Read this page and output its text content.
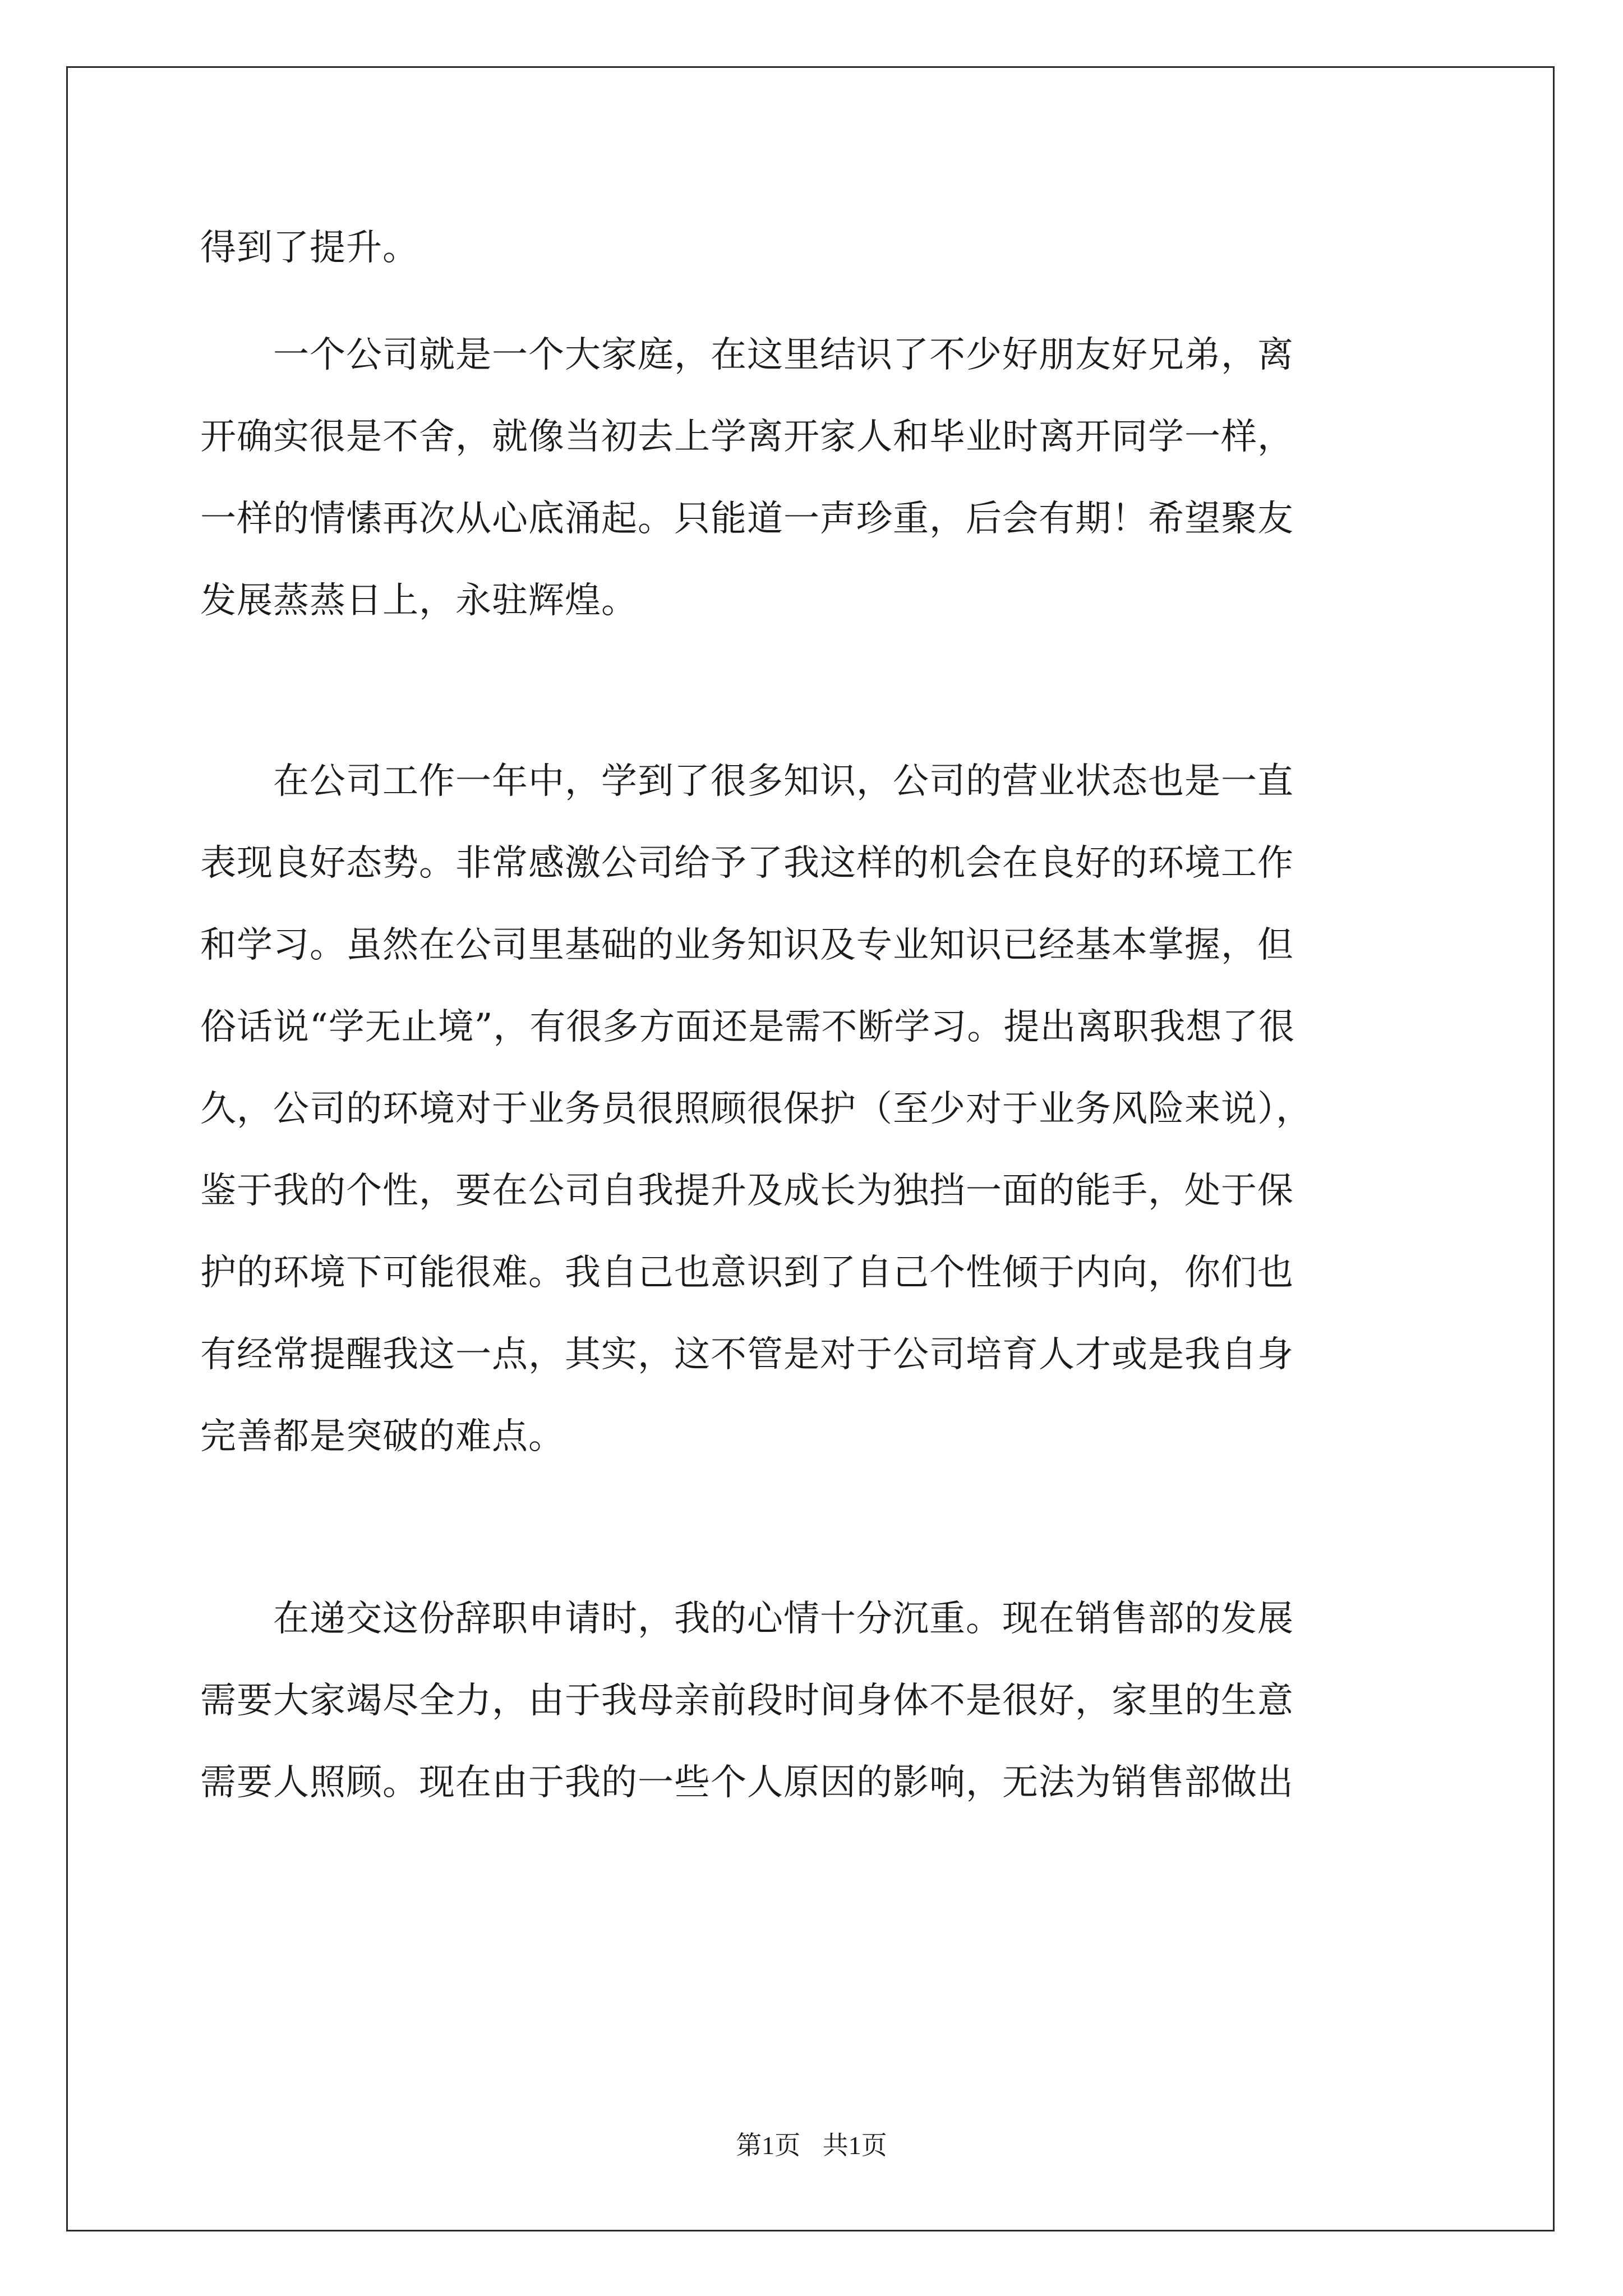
得到了提升。
　　一个公司就是一个大家庭，在这里结识了不少好朋友好兄弟，离
开确实很是不舍，就像当初去上学离开家人和毕业时离开同学一样，
一样的情愫再次从心底涌起。只能道一声珍重，后会有期！希望聚友
发展蒸蒸日上，永驻辉煌。
　　在公司工作一年中，学到了很多知识，公司的营业状态也是一直
表现良好态势。非常感激公司给予了我这样的机会在良好的环境工作
和学习。虽然在公司里基础的业务知识及专业知识已经基本掌握，但
俗话说“学无止境”，有很多方面还是需不断学习。提出离职我想了很
久，公司的环境对于业务员很照顾很保护（至少对于业务风险来说），
鉴于我的个性，要在公司自我提升及成长为独挡一面的能手，处于保
护的环境下可能很难。我自己也意识到了自己个性倾于内向，你们也
有经常提醒我这一点，其实，这不管是对于公司培育人才或是我自身
完善都是突破的难点。
　　在递交这份辞职申请时，我的心情十分沉重。现在销售部的发展
需要大家竭尽全力，由于我母亲前段时间身体不是很好，家里的生意
需要人照顾。现在由于我的一些个人原因的影响，无法为销售部做出
第1页 共1页
